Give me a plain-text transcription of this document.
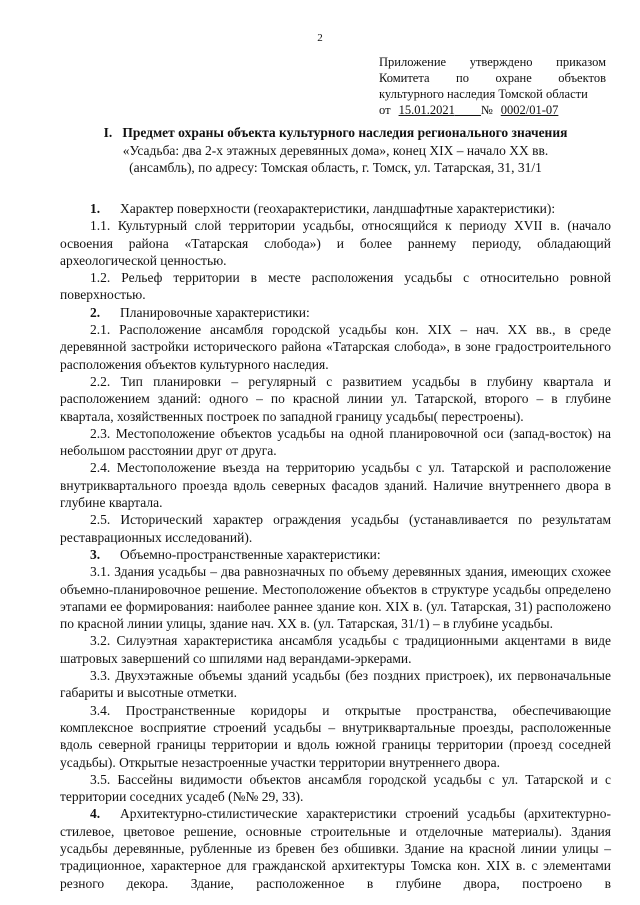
2
Приложение утверждено приказом
Комитета по охране объектов
культурного наследия Томской области
от 15.01.2021 № 0002/01-07
I.   Предмет охраны объекта культурного наследия регионального значения
«Усадьба: два 2-х этажных деревянных дома», конец XIX – начало XX вв.
(ансамбль), по адресу: Томская область, г. Томск, ул. Татарская, 31, 31/1
1. Характер поверхности (геохарактеристики, ландшафтные характеристики):

1.1. Культурный слой территории усадьбы, относящийся к периоду XVII в. (начало освоения района «Татарская слобода») и более раннему периоду, обладающий археологической ценностью.

1.2. Рельеф территории в месте расположения усадьбы с относительно ровной поверхностью.

2. Планировочные характеристики:

2.1. Расположение ансамбля городской усадьбы кон. XIX – нач. XX вв., в среде деревянной застройки исторического района «Татарская слобода», в зоне градостроительного расположения объектов культурного наследия.

2.2. Тип планировки – регулярный с развитием усадьбы в глубину квартала и расположением зданий: одного – по красной линии ул. Татарской, второго – в глубине квартала, хозяйственных построек по западной границу усадьбы( перестроены).

2.3. Местоположение объектов усадьбы на одной планировочной оси (запад-восток) на небольшом расстоянии друг от друга.

2.4. Местоположение въезда на территорию усадьбы с ул. Татарской и расположение внутриквартального проезда вдоль северных фасадов зданий. Наличие внутреннего двора в глубине квартала.

2.5. Исторический характер ограждения усадьбы (устанавливается по результатам реставрационных исследований).

3. Объемно-пространственные характеристики:

3.1. Здания усадьбы – два равнозначных по объему деревянных здания, имеющих схожее объемно-планировочное решение. Местоположение объектов в структуре усадьбы определено этапами ее формирования: наиболее раннее здание кон. XIX в. (ул. Татарская, 31) расположено по красной линии улицы, здание нач. XX в. (ул. Татарская, 31/1) – в глубине усадьбы.

3.2. Силуэтная характеристика ансамбля усадьбы с традиционными акцентами в виде шатровых завершений со шпилями над верандами-эркерами.

3.3. Двухэтажные объемы зданий усадьбы (без поздних пристроек), их первоначальные габариты и высотные отметки.

3.4. Пространственные коридоры и открытые пространства, обеспечивающие комплексное восприятие строений усадьбы – внутриквартальные проезды, расположенные вдоль северной границы территории и вдоль южной границы территории (проезд соседней усадьбы). Открытые незастроенные участки территории внутреннего двора.

3.5. Бассейны видимости объектов ансамбля городской усадьбы с ул. Татарской и с территории соседних усадеб (№№ 29, 33).

4. Архитектурно-стилистические характеристики строений усадьбы (архитектурно-стилевое, цветовое решение, основные строительные и отделочные материалы). Здания усадьбы деревянные, рубленные из бревен без обшивки. Здание на красной линии улицы – традиционное, характерное для гражданской архитектуры Томска кон. XIX в. с элементами резного декора. Здание, расположенное в глубине двора, построено в
